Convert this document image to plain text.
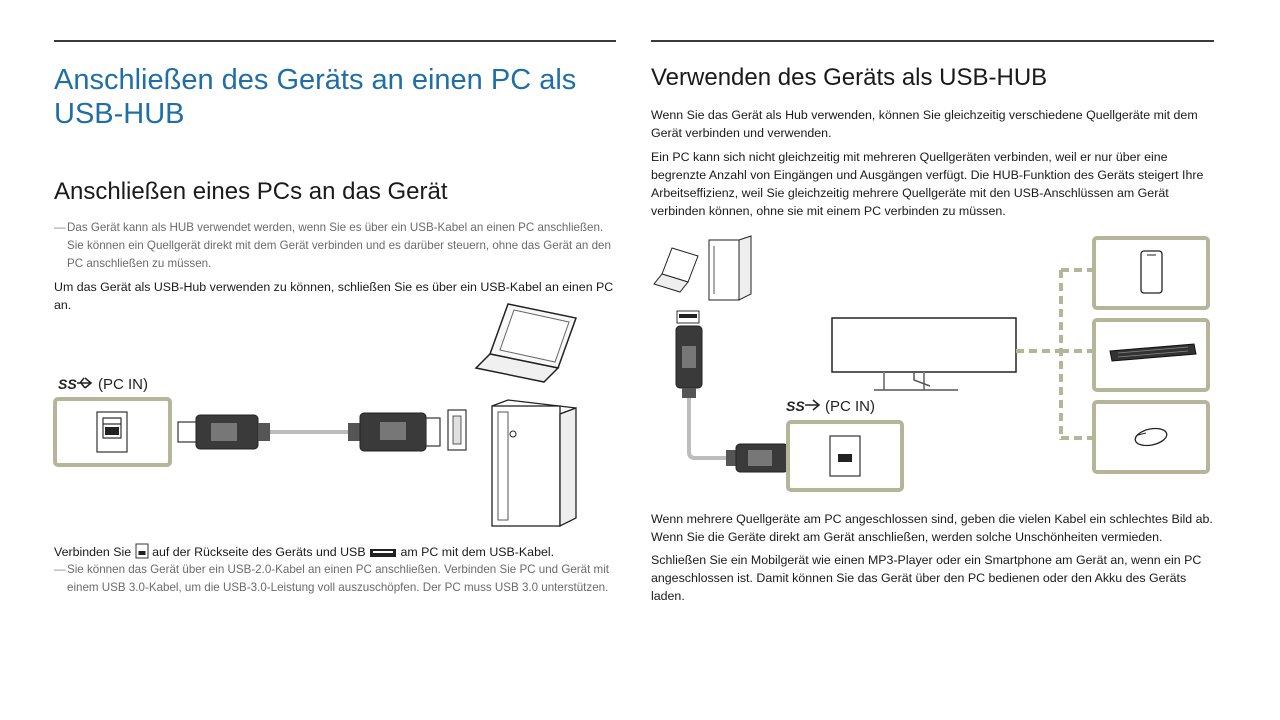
Anschließen des Geräts an einen PC als USB-HUB
Anschließen eines PCs an das Gerät
― Das Gerät kann als HUB verwendet werden, wenn Sie es über ein USB-Kabel an einen PC anschließen. Sie können ein Quellgerät direkt mit dem Gerät verbinden und es darüber steuern, ohne das Gerät an den PC anschließen zu müssen.

Um das Gerät als USB-Hub verwenden zu können, schließen Sie es über ein USB-Kabel an einen PC an.

SS (PC IN)

Verbinden Sie auf der Rückseite des Geräts und USB	am PC mit dem USB-Kabel.

― Sie können das Gerät über ein USB-2.0-Kabel an einen PC anschließen. Verbinden Sie PC und Gerät mit einem USB 3.0-Kabel, um die USB-3.0-Leistung voll auszuschöpfen. Der PC muss USB 3.0 unterstützen.
Verwenden des Geräts als USB-HUB

Wenn Sie das Gerät als Hub verwenden, können Sie gleichzeitig verschiedene Quellgeräte mit dem Gerät verbinden und verwenden.

Ein PC kann sich nicht gleichzeitig mit mehreren Quellgeräten verbinden, weil er nur über eine begrenzte Anzahl von Eingängen und Ausgängen verfügt. Die HUB-Funktion des Geräts steigert Ihre Arbeitseffizienz, weil Sie gleichzeitig mehrere Quellgeräte mit den USB-Anschlüssen am Gerät verbinden können, ohne sie mit einem PC verbinden zu müssen.

SS (PC IN)

Wenn mehrere Quellgeräte am PC angeschlossen sind, geben die vielen Kabel ein schlechtes Bild ab. Wenn Sie die Geräte direkt am Gerät anschließen, werden solche Unschönheiten vermieden.

Schließen Sie ein Mobilgerät wie einen MP3-Player oder ein Smartphone am Gerät an, wenn ein PC angeschlossen ist. Damit können Sie das Gerät über den PC bedienen oder den Akku des Geräts laden.
